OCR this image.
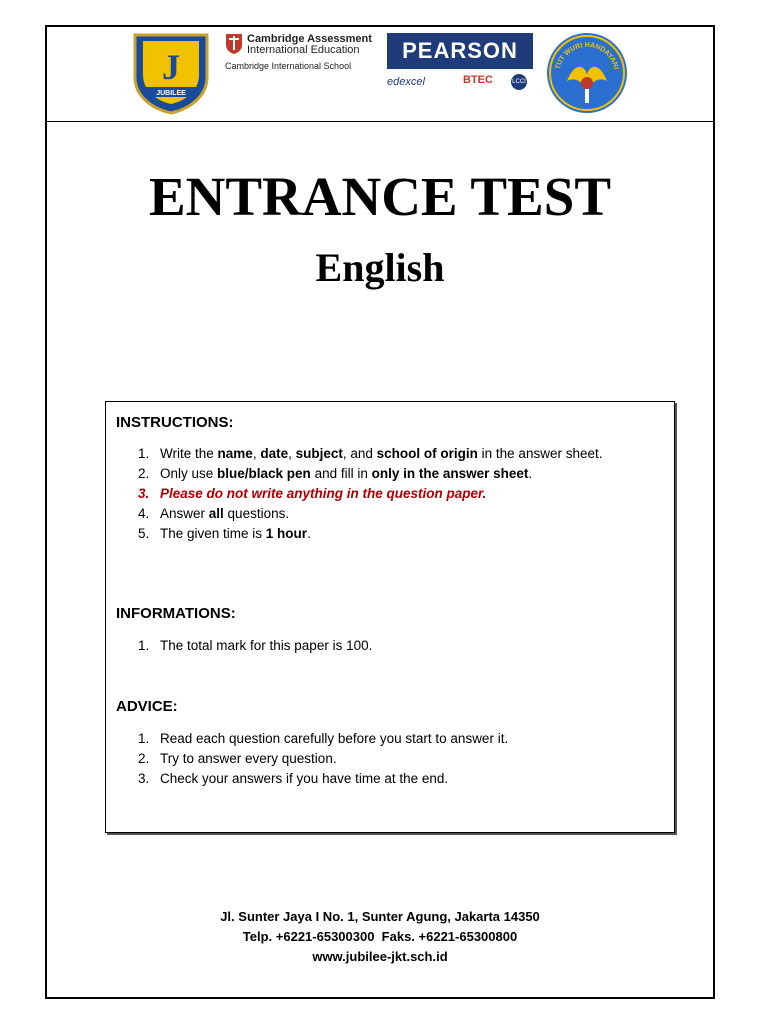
J
JUBILEE
Cambridge Assessment
International Education
Cambridge International School
PEARSON
edexcel	BTEC	LCCI
TUT WURI HANDAYANI
ENTRANCE TEST
English
INSTRUCTIONS:
1. Write the name, date, subject, and school of origin in the answer sheet.
2. Only use blue/black pen and fill in only in the answer sheet.
3. Please do not write anything in the question paper.
4. Answer all questions.
5. The given time is 1 hour.
INFORMATIONS:
1. The total mark for this paper is 100.
ADVICE:
1. Read each question carefully before you start to answer it.
2. Try to answer every question.
3. Check your answers if you have time at the end.
Jl. Sunter Jaya I No. 1, Sunter Agung, Jakarta 14350
Telp. +6221-65300300  Faks. +6221-65300800
www.jubilee-jkt.sch.id
